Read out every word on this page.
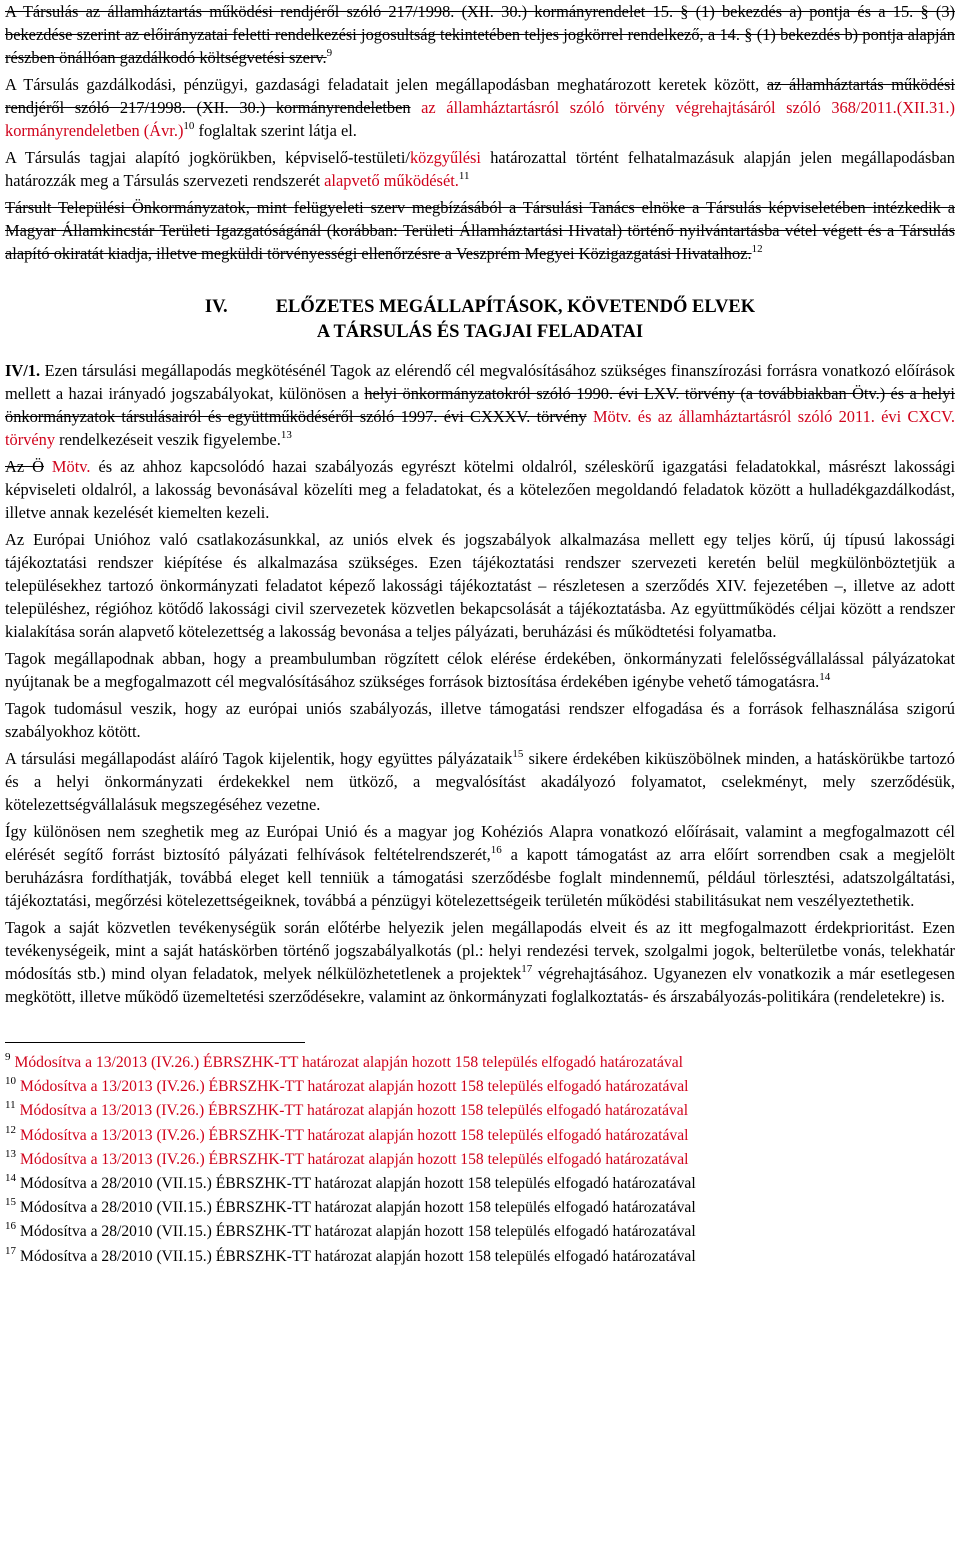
A Társulás az államháztartás működési rendjéről szóló 217/1998. (XII. 30.) kormányrendelet 15. § (1) bekezdés a) pontja és a 15. § (3) bekezdése szerint az előirányzatai feletti rendelkezési jogosultság tekintetében teljes jogkörrel rendelkező, a 14. § (1) bekezdés b) pontja alapján részben önállóan gazdálkodó költségvetési szerv.$^9$

A Társulás gazdálkodási, pénzügyi, gazdasági feladatait jelen megállapodásban meghatározott keretek között, az államháztartás működési rendjéről szóló 217/1998. (XII. 30.) kormányrendeletben az államháztartásról szóló törvény végrehajtásáról szóló 368/2011.(XII.31.) kormányrendeletben (Ávr.)$^{10}$ foglaltak szerint látja el.

A Társulás tagjai alapító jogkörükben, képviselő-testületi/közgyűlési határozattal történt felhatalmazásuk alapján jelen megállapodásban határozzák meg a Társulás szervezeti rendszerét alapvető működését.$^{11}$

Társult Települési Önkormányzatok, mint felügyeleti szerv megbízásából a Társulási Tanács elnöke a Társulás képviseletében intézkedik a Magyar Államkincstár Területi Igazgatóságánál (korábban: Területi Államháztartási Hivatal) történő nyilvántartásba vétel végett és a Társulás alapító okiratát kiadja, illetve megküldi törvényességi ellenőrzésre a Veszprém Megyei Közigazgatási Hivatalhoz.$^{12}$

IV.	ELŐZETES MEGÁLLAPÍTÁSOK, KÖVETENDŐ ELVEK
A TÁRSULÁS ÉS TAGJAI FELADATAI

IV/1. Ezen társulási megállapodás megkötésénél Tagok az elérendő cél megvalósításához szükséges finanszírozási forrásra vonatkozó előírások mellett a hazai irányadó jogszabályokat, különösen a helyi önkormányzatokról szóló 1990. évi LXV. törvény (a továbbiakban Ötv.) és a helyi önkormányzatok társulásairól és együttműködéséről szóló 1997. évi CXXXV. törvény Mötv. és az államháztartásról szóló 2011. évi CXCV. törvény rendelkezéseit veszik figyelembe.$^{13}$

Az Ö Mötv. és az ahhoz kapcsolódó hazai szabályozás egyrészt kötelmi oldalról, széleskörű igazgatási feladatokkal, másrészt lakossági képviseleti oldalról, a lakosság bevonásával közelíti meg a feladatokat, és a kötelezően megoldandó feladatok között a hulladékgazdálkodást, illetve annak kezelését kiemelten kezeli.

Az Európai Unióhoz való csatlakozásunkkal, az uniós elvek és jogszabályok alkalmazása mellett egy teljes körű, új típusú lakossági tájékoztatási rendszer kiépítése és alkalmazása szükséges. Ezen tájékoztatási rendszer szervezeti keretén belül megkülönböztetjük a településekhez tartozó önkormányzati feladatot képező lakossági tájékoztatást – részletesen a szerződés XIV. fejezetében –, illetve az adott településhez, régióhoz kötődő lakossági civil szervezetek közvetlen bekapcsolását a tájékoztatásba. Az együttműködés céljai között a rendszer kialakítása során alapvető kötelezettség a lakosság bevonása a teljes pályázati, beruházási és működtetési folyamatba.

Tagok megállapodnak abban, hogy a preambulumban rögzített célok elérése érdekében, önkormányzati felelősségvállalással pályázatokat nyújtanak be a megfogalmazott cél megvalósításához szükséges források biztosítása érdekében igénybe vehető támogatásra.$^{14}$

Tagok tudomásul veszik, hogy az európai uniós szabályozás, illetve támogatási rendszer elfogadása és a források felhasználása szigorú szabályokhoz kötött.

A társulási megállapodást aláíró Tagok kijelentik, hogy együttes pályázataik$^{15}$ sikere érdekében kiküszöbölnek minden, a hatáskörükbe tartozó és a helyi önkormányzati érdekekkel nem ütköző, a megvalósítást akadályozó folyamatot, cselekményt, mely szerződésük, kötelezettségvállalásuk megszegéséhez vezetne.

Így különösen nem szeghetik meg az Európai Unió és a magyar jog Kohéziós Alapra vonatkozó előírásait, valamint a megfogalmazott cél elérését segítő forrást biztosító pályázati felhívások feltételrendszerét,$^{16}$ a kapott támogatást az arra előírt sorrendben csak a megjelölt beruházásra fordíthatják, továbbá eleget kell tenniük a támogatási szerződésbe foglalt mindennemű, például törlesztési, adatszolgáltatási, tájékoztatási, megőrzési kötelezettségeiknek, továbbá a pénzügyi kötelezettségeik területén működési stabilitásukat nem veszélyeztethetik.

Tagok a saját közvetlen tevékenységük során előtérbe helyezik jelen megállapodás elveit és az itt megfogalmazott érdekprioritást. Ezen tevékenységeik, mint a saját hatáskörben történő jogszabályalkotás (pl.: helyi rendezési tervek, szolgalmi jogok, belterületbe vonás, telekhatár módosítás stb.) mind olyan feladatok, melyek nélkülözhetetlenek a projektek$^{17}$ végrehajtásához. Ugyanezen elv vonatkozik a már esetlegesen megkötött, illetve működő üzemeltetési szerződésekre, valamint az önkormányzati foglalkoztatás- és árszabályozás-politikára (rendeletekre) is.

$^9$ Módosítva a 13/2013 (IV.26.) ÉBRSZHK-TT határozat alapján hozott 158 település elfogadó határozatával
$^{10}$ Módosítva a 13/2013 (IV.26.) ÉBRSZHK-TT határozat alapján hozott 158 település elfogadó határozatával
$^{11}$ Módosítva a 13/2013 (IV.26.) ÉBRSZHK-TT határozat alapján hozott 158 település elfogadó határozatával
$^{12}$ Módosítva a 13/2013 (IV.26.) ÉBRSZHK-TT határozat alapján hozott 158 település elfogadó határozatával
$^{13}$ Módosítva a 13/2013 (IV.26.) ÉBRSZHK-TT határozat alapján hozott 158 település elfogadó határozatával
$^{14}$ Módosítva a 28/2010 (VII.15.) ÉBRSZHK-TT határozat alapján hozott 158 település elfogadó határozatával
$^{15}$ Módosítva a 28/2010 (VII.15.) ÉBRSZHK-TT határozat alapján hozott 158 település elfogadó határozatával
$^{16}$ Módosítva a 28/2010 (VII.15.) ÉBRSZHK-TT határozat alapján hozott 158 település elfogadó határozatával
$^{17}$ Módosítva a 28/2010 (VII.15.) ÉBRSZHK-TT határozat alapján hozott 158 település elfogadó határozatával
